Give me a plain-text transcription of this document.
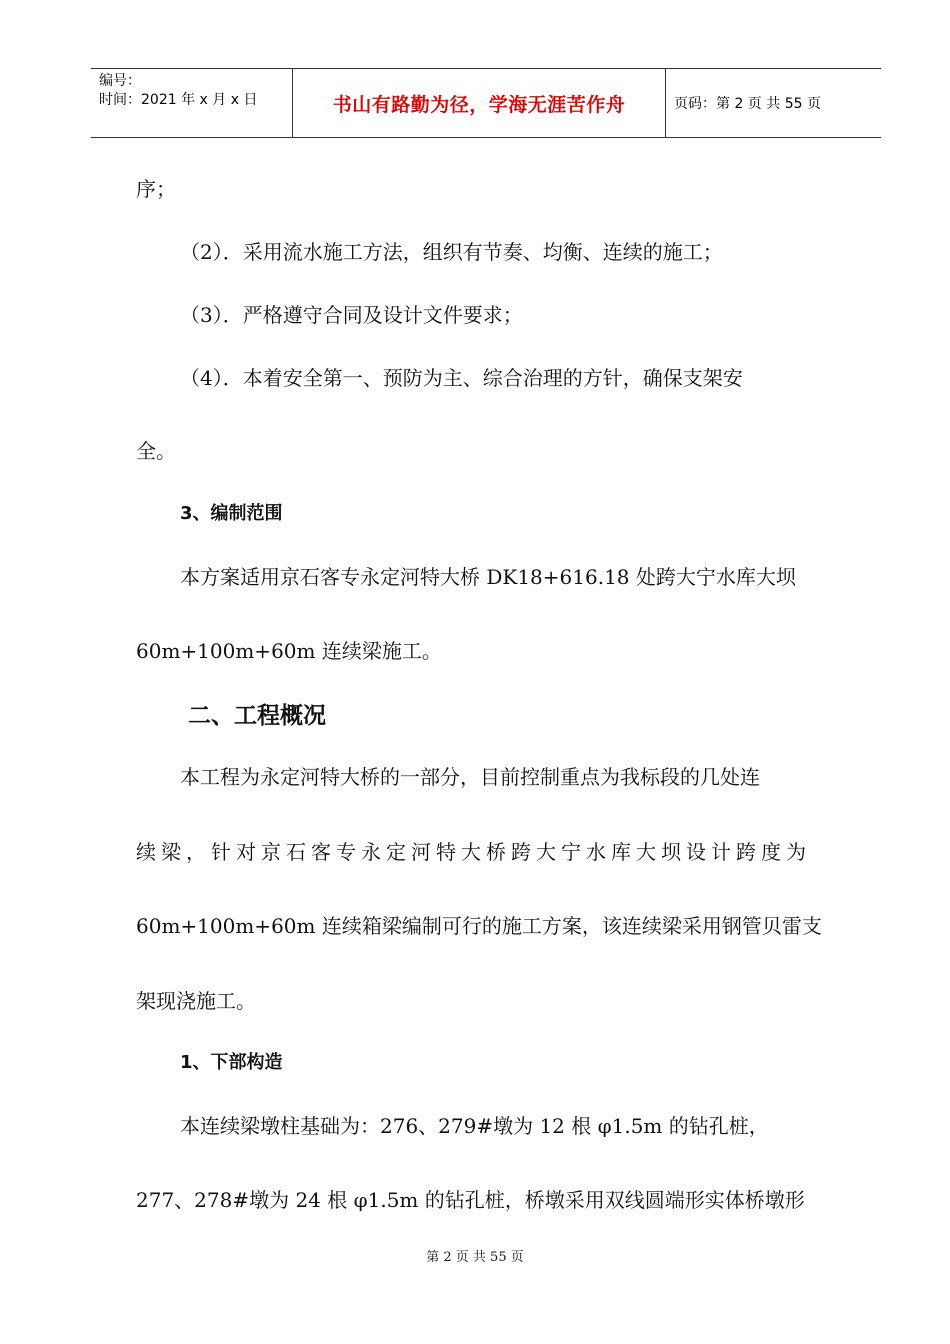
编号：
时间：2021 年 x 月 x 日	书山有路勤为径，学海无涯苦作舟	页码：第 2 页 共 55 页
序；
（2）．采用流水施工方法，组织有节奏、均衡、连续的施工；
（3）．严格遵守合同及设计文件要求；
（4）．本着安全第一、预防为主、综合治理的方针，确保支架安
全。
3、编制范围
本方案适用京石客专永定河特大桥 DK18+616.18 处跨大宁水库大坝
60m+100m+60m 连续梁施工。
二、工程概况
本工程为永定河特大桥的一部分，目前控制重点为我标段的几处连
续梁，针对京石客专永定河特大桥跨大宁水库大坝设计跨度为
60m+100m+60m 连续箱梁编制可行的施工方案，该连续梁采用钢管贝雷支
架现浇施工。
1、下部构造
本连续梁墩柱基础为：276、279#墩为 12 根 φ1.5m 的钻孔桩，
277、278#墩为 24 根 φ1.5m 的钻孔桩，桥墩采用双线圆端形实体桥墩形
第 2 页 共 55 页
